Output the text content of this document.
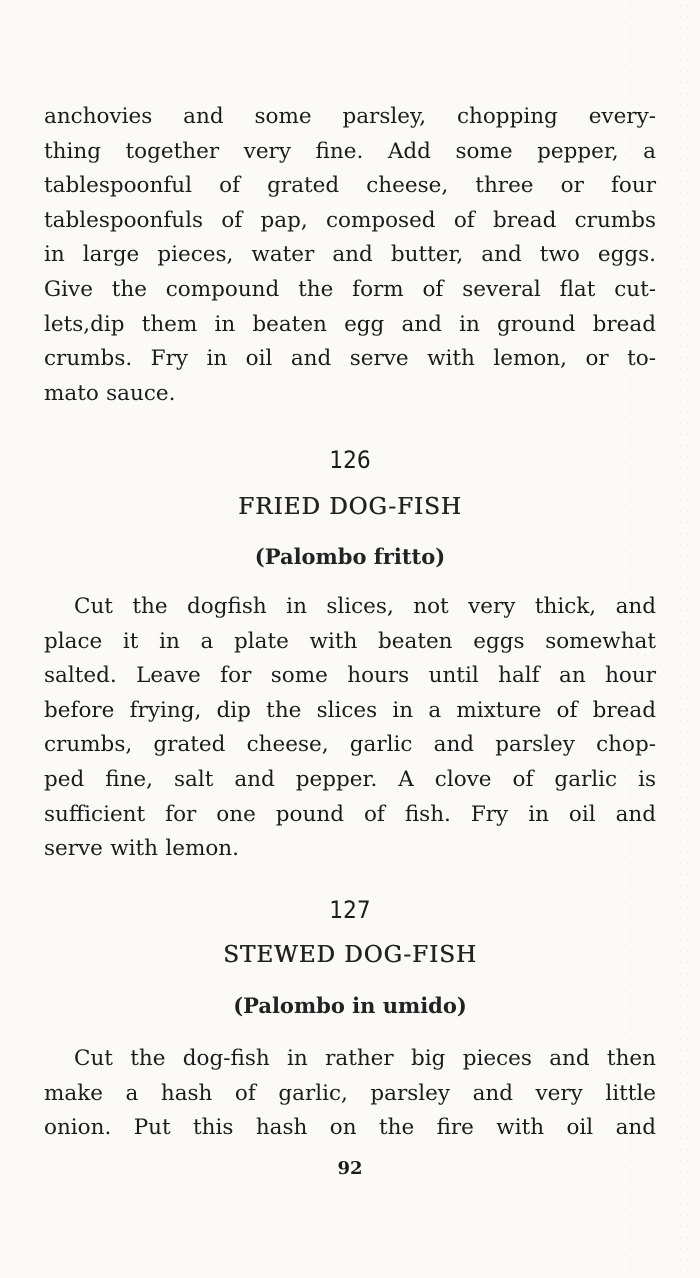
anchovies and some parsley, chopping every-
thing together very fine. Add some pepper, a
tablespoonful of grated cheese, three or four
tablespoonfuls of pap, composed of bread crumbs
in large pieces, water and butter, and two eggs.
Give the compound the form of several flat cut-
lets,dip them in beaten egg and in ground bread
crumbs. Fry in oil and serve with lemon, or to-
mato sauce.
126
FRIED DOG-FISH
(Palombo fritto)
Cut the dogfish in slices, not very thick, and
place it in a plate with beaten eggs somewhat
salted. Leave for some hours until half an hour
before frying, dip the slices in a mixture of bread
crumbs, grated cheese, garlic and parsley chop-
ped fine, salt and pepper. A clove of garlic is
sufficient for one pound of fish. Fry in oil and
serve with lemon.
127
STEWED DOG-FISH
(Palombo in umido)
Cut the dog-fish in rather big pieces and then
make a hash of garlic, parsley and very little
onion. Put this hash on the fire with oil and
92
